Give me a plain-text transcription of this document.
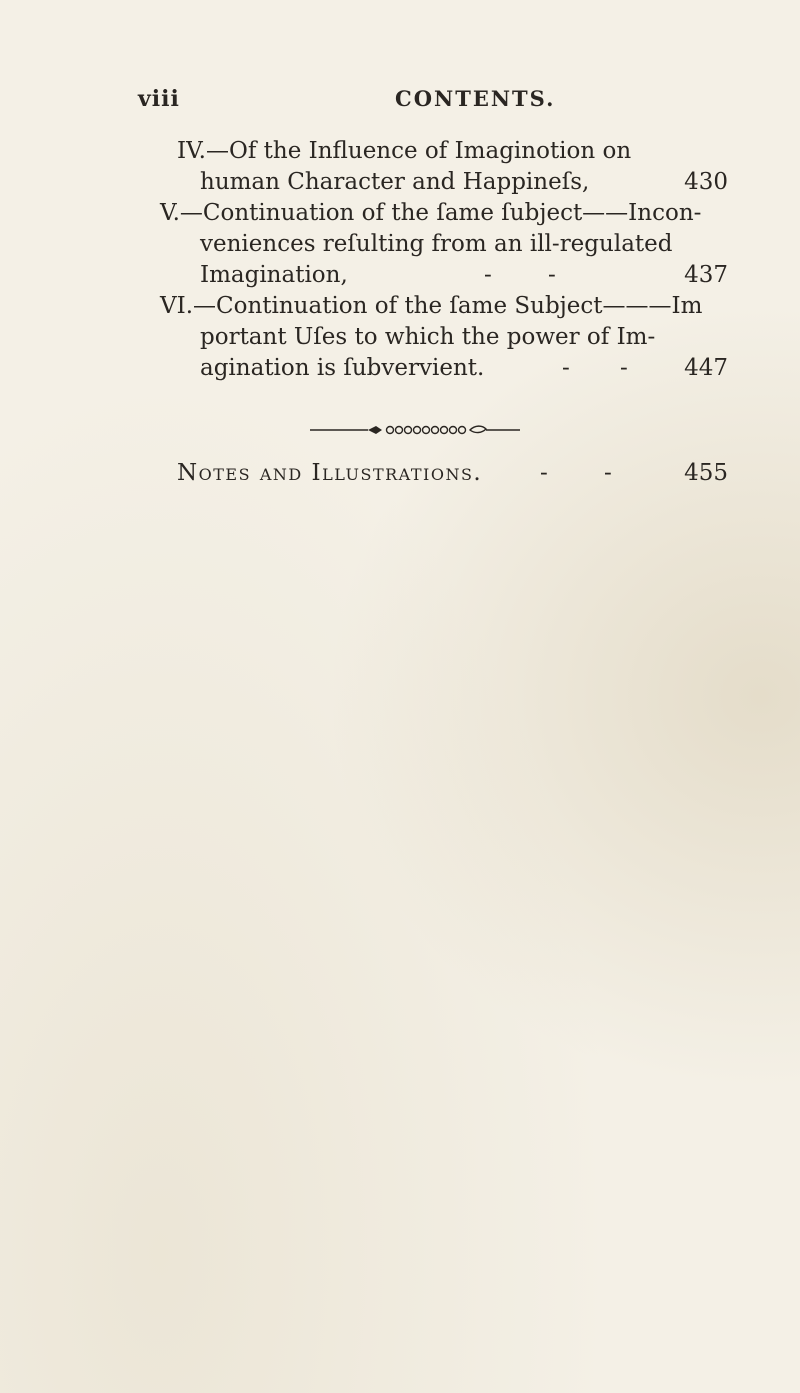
viii	CONTENTS.
IV.—Of the Influence of Imaginotion on
human Character and Happineſs,	430
V.—Continuation of the ſame ſubject——Incon-
veniences reſulting from an ill-regulated
Imagination,	- -	437
VI.—Continuation of the ſame Subject———Im
portant Uſes to which the power of Im-
agination is ſubvervient.	- - 447
Notes and Illustrations.	- -	455
